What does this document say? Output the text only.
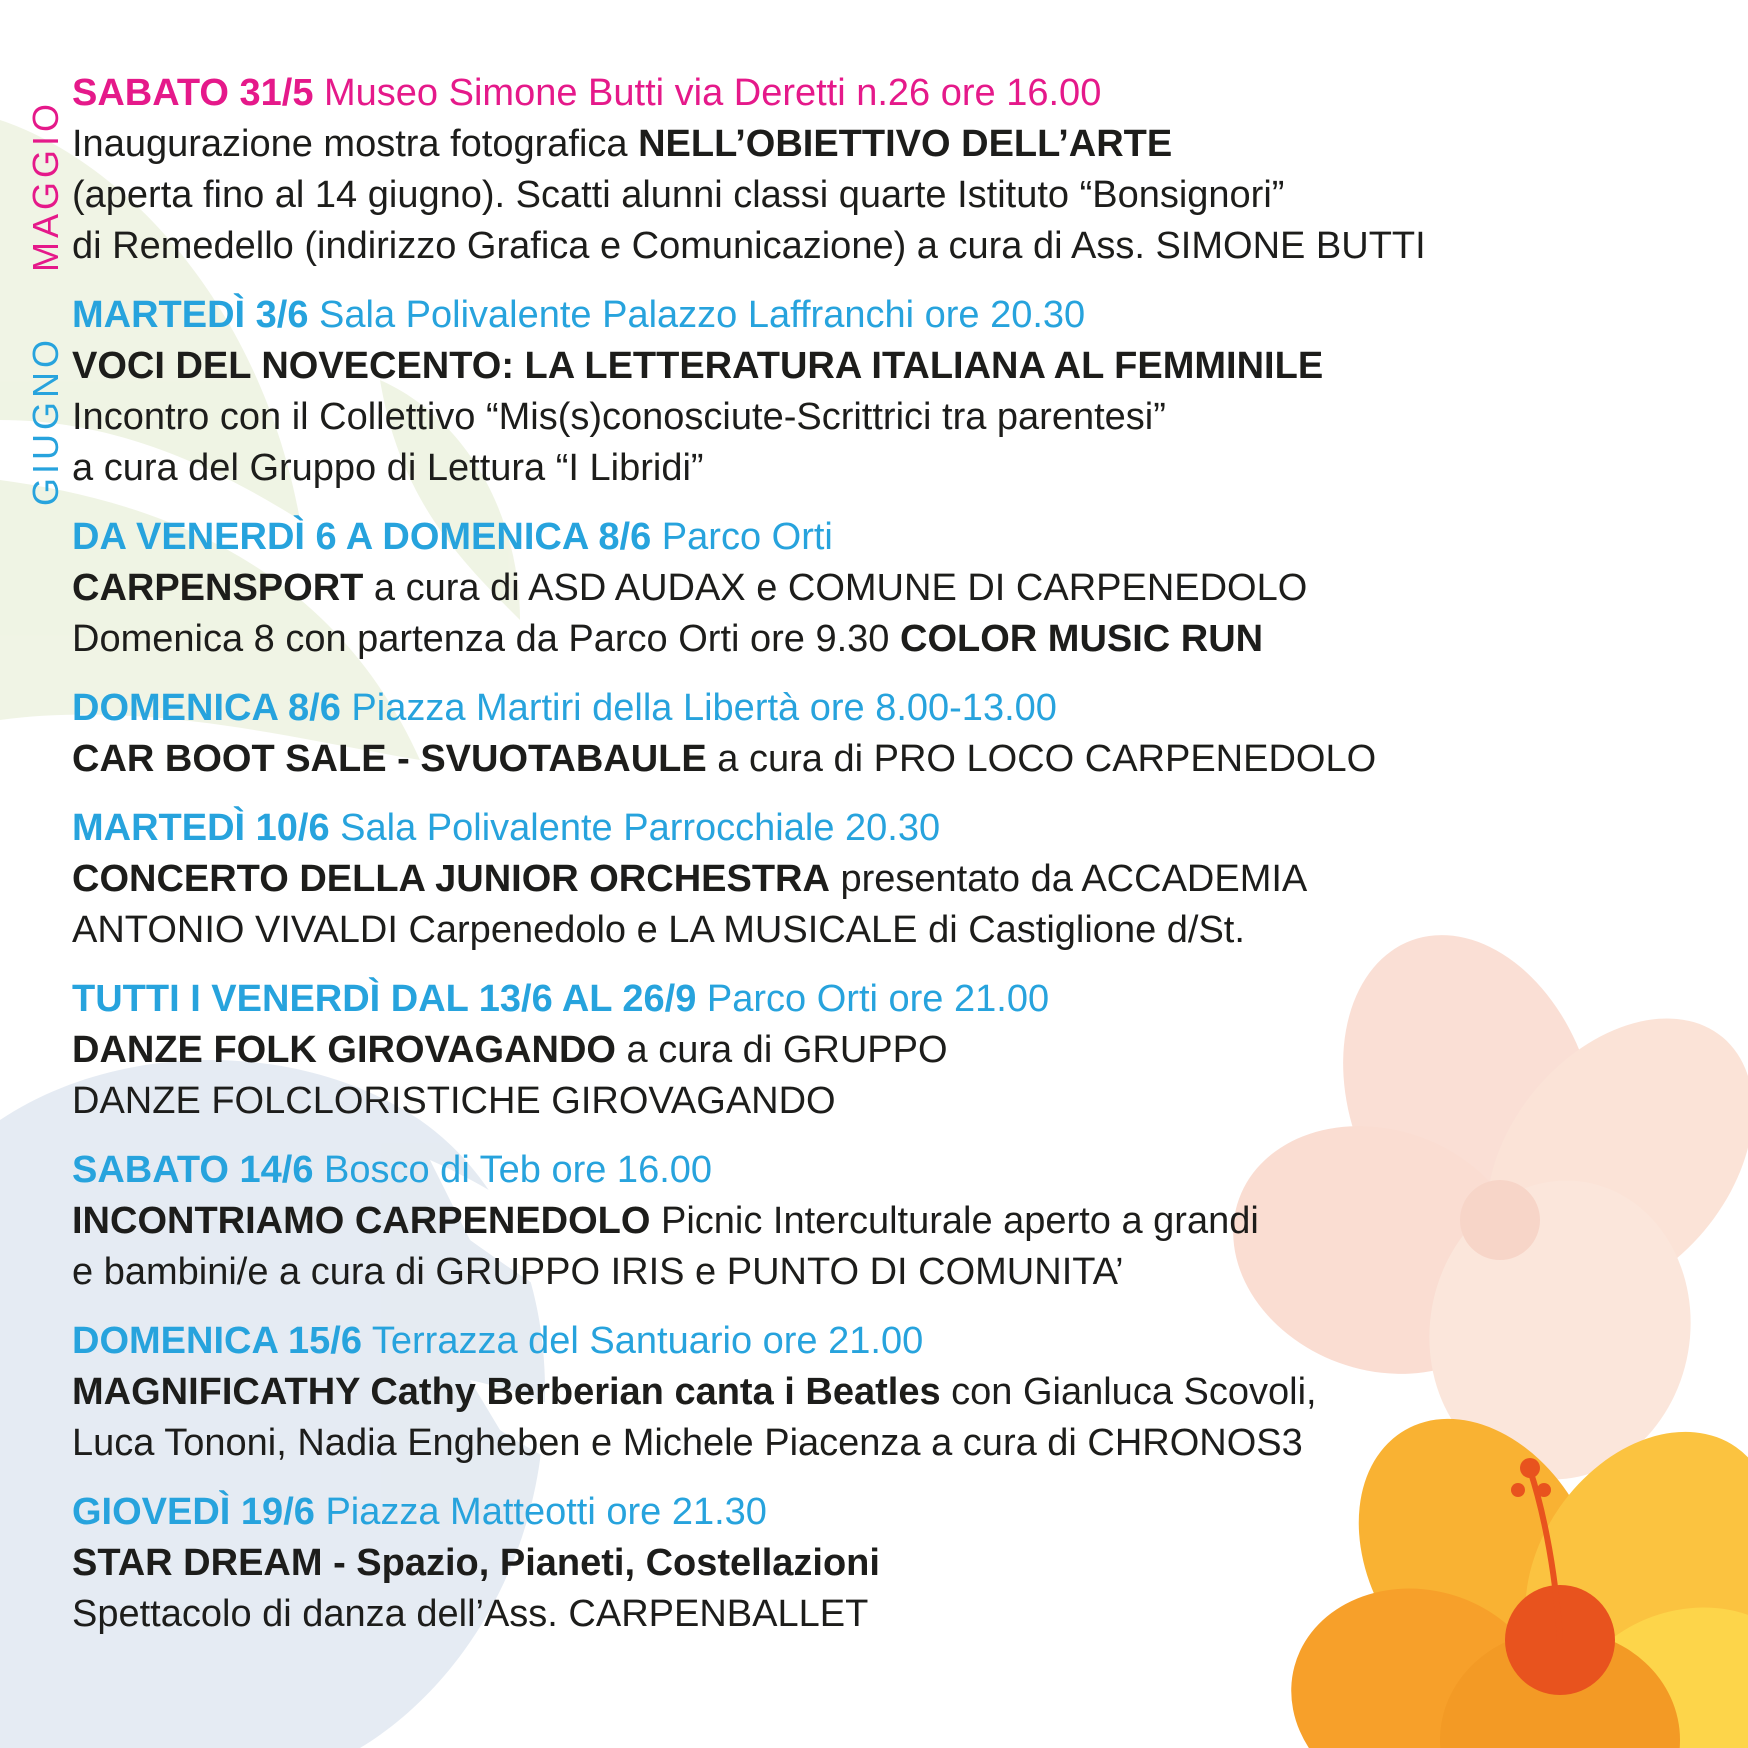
MAGGIO
GIUGNO
SABATO 31/5 Museo Simone Butti via Deretti n.26 ore 16.00
Inaugurazione mostra fotografica NELL’OBIETTIVO DELL’ARTE
(aperta fino al 14 giugno). Scatti alunni classi quarte Istituto “Bonsignori”
di Remedello (indirizzo Grafica e Comunicazione) a cura di Ass. SIMONE BUTTI
MARTEDÌ 3/6 Sala Polivalente Palazzo Laffranchi ore 20.30
VOCI DEL NOVECENTO: LA LETTERATURA ITALIANA AL FEMMINILE
Incontro con il Collettivo “Mis(s)conosciute-Scrittrici tra parentesi”
a cura del Gruppo di Lettura “I Libridi”
DA VENERDÌ 6 A DOMENICA 8/6 Parco Orti
CARPENSPORT a cura di ASD AUDAX e COMUNE DI CARPENEDOLO
Domenica 8 con partenza da Parco Orti ore 9.30 COLOR MUSIC RUN
DOMENICA 8/6 Piazza Martiri della Libertà ore 8.00-13.00
CAR BOOT SALE - SVUOTABAULE a cura di PRO LOCO CARPENEDOLO
MARTEDÌ 10/6 Sala Polivalente Parrocchiale 20.30
CONCERTO DELLA JUNIOR ORCHESTRA presentato da ACCADEMIA
ANTONIO VIVALDI Carpenedolo e LA MUSICALE di Castiglione d/St.
TUTTI I VENERDÌ DAL 13/6 AL 26/9 Parco Orti ore 21.00
DANZE FOLK GIROVAGANDO a cura di GRUPPO
DANZE FOLCLORISTICHE GIROVAGANDO
SABATO 14/6 Bosco di Teb ore 16.00
INCONTRIAMO CARPENEDOLO Picnic Interculturale aperto a grandi
e bambini/e a cura di GRUPPO IRIS e PUNTO DI COMUNITA’
DOMENICA 15/6 Terrazza del Santuario ore 21.00
MAGNIFICATHY Cathy Berberian canta i Beatles con Gianluca Scovoli,
Luca Tononi, Nadia Engheben e Michele Piacenza a cura di CHRONOS3
GIOVEDÌ 19/6 Piazza Matteotti ore 21.30
STAR DREAM - Spazio, Pianeti, Costellazioni
Spettacolo di danza dell’Ass. CARPENBALLET
